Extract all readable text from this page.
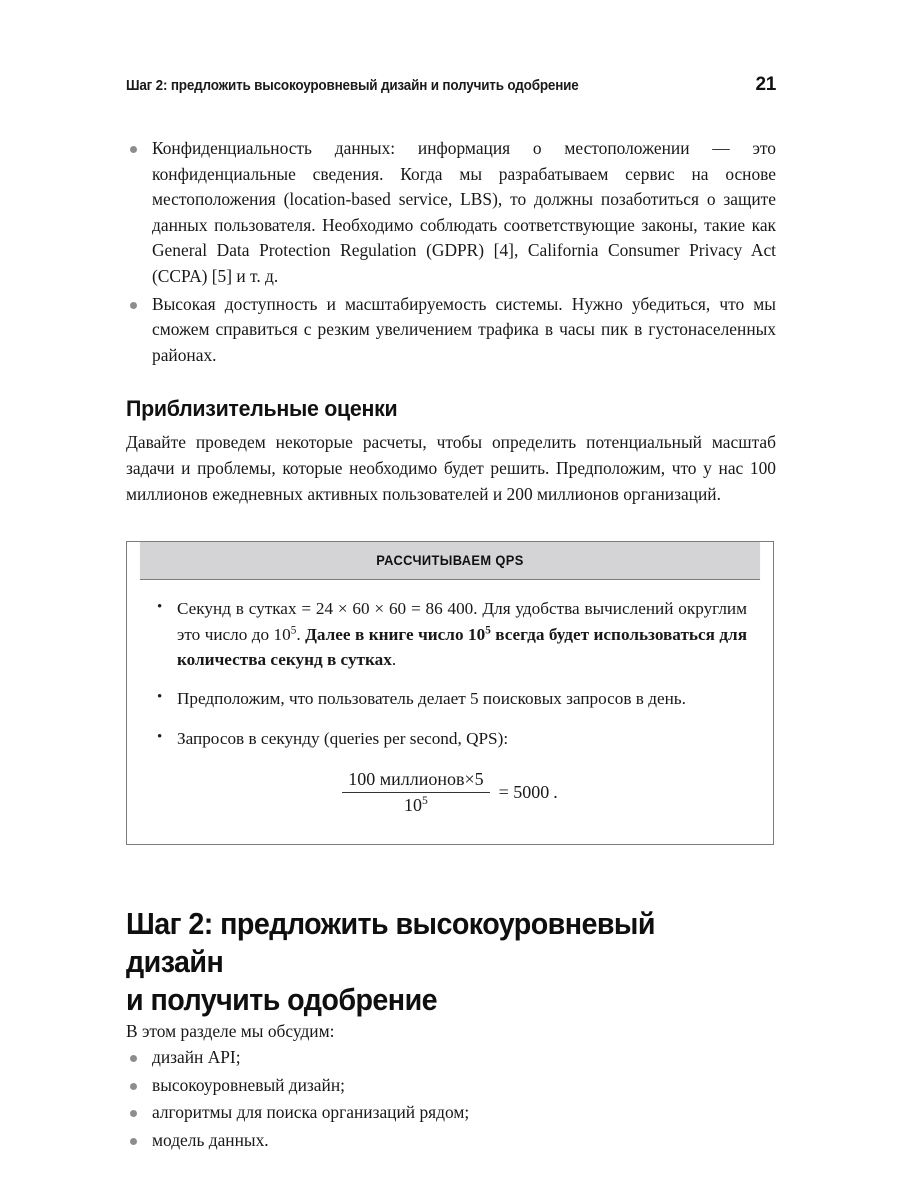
Шаг 2: предложить высокоуровневый дизайн и получить одобрение	21
Конфиденциальность данных: информация о местоположении — это конфиденциальные сведения. Когда мы разрабатываем сервис на основе местоположения (location-based service, LBS), то должны позаботиться о защите данных пользователя. Необходимо соблюдать соответствующие законы, такие как General Data Protection Regulation (GDPR) [4], California Consumer Privacy Act (CCPA) [5] и т. д.
Высокая доступность и масштабируемость системы. Нужно убедиться, что мы сможем справиться с резким увеличением трафика в часы пик в густонаселенных районах.
Приблизительные оценки

Давайте проведем некоторые расчеты, чтобы определить потенциальный масштаб задачи и проблемы, которые необходимо будет решить. Предположим, что у нас 100 миллионов ежедневных активных пользователей и 200 миллионов организаций.

РАССЧИТЫВАЕМ QPS
• Секунд в сутках = 24 × 60 × 60 = 86 400. Для удобства вычислений округлим это число до $10^5$. Далее в книге число $10^5$ всегда будет использоваться для количества секунд в сутках.
• Предположим, что пользователь делает 5 поисковых запросов в день.
• Запросов в секунду (queries per second, QPS):
$\frac{\text{100 миллионов×5}}{10^5} = 5000$ .
Шаг 2: предложить высокоуровневый дизайн
и получить одобрение

В этом разделе мы обсудим:

дизайн API;
высокоуровневый дизайн;
алгоритмы для поиска организаций рядом;
модель данных.
